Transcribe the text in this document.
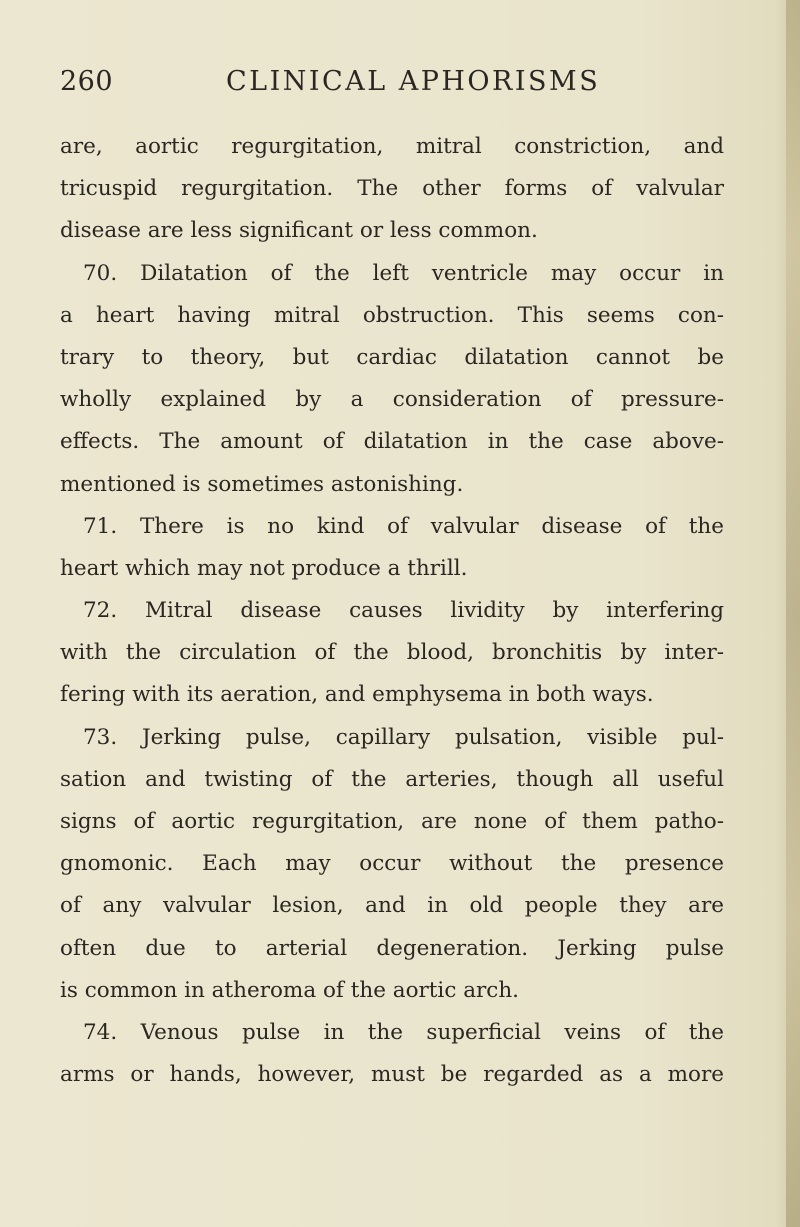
260	CLINICAL APHORISMS
are, aortic regurgitation, mitral constriction, and
tricuspid regurgitation. The other forms of valvular
disease are less significant or less common.
70. Dilatation of the left ventricle may occur in
a heart having mitral obstruction. This seems con-
trary to theory, but cardiac dilatation cannot be
wholly explained by a consideration of pressure-
effects. The amount of dilatation in the case above-
mentioned is sometimes astonishing.
71. There is no kind of valvular disease of the
heart which may not produce a thrill.
72. Mitral disease causes lividity by interfering
with the circulation of the blood, bronchitis by inter-
fering with its aeration, and emphysema in both ways.
73. Jerking pulse, capillary pulsation, visible pul-
sation and twisting of the arteries, though all useful
signs of aortic regurgitation, are none of them patho-
gnomonic. Each may occur without the presence
of any valvular lesion, and in old people they are
often due to arterial degeneration. Jerking pulse
is common in atheroma of the aortic arch.
74. Venous pulse in the superficial veins of the
arms or hands, however, must be regarded as a more
